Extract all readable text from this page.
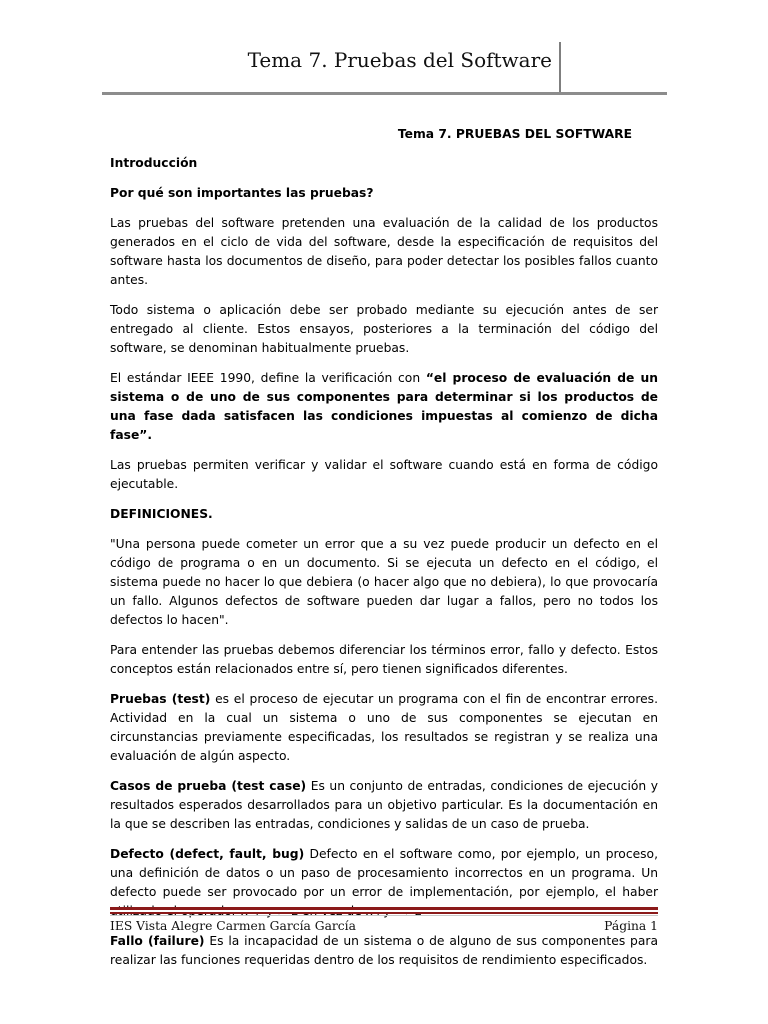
Tema 7. Pruebas del Software

Tema 7. PRUEBAS DEL SOFTWARE

Introducción

Por qué son importantes las pruebas?

Las pruebas del software pretenden una evaluación de la calidad de los productos generados en el ciclo de vida del software, desde la especificación de requisitos del software hasta los documentos de diseño, para poder detectar los posibles fallos cuanto antes.

Todo sistema o aplicación debe ser probado mediante su ejecución antes de ser entregado al cliente. Estos ensayos, posteriores a la terminación del código del software, se denominan habitualmente pruebas.

El estándar IEEE 1990, define la verificación con “el proceso de evaluación de un sistema o de uno de sus componentes para determinar si los productos de una fase dada satisfacen las condiciones impuestas al comienzo de dicha fase”.

Las pruebas permiten verificar y validar el software cuando está en forma de código ejecutable.

DEFINICIONES.

"Una persona puede cometer un error que a su vez puede producir un defecto en el código de programa o en un documento. Si se ejecuta un defecto en el código, el sistema puede no hacer lo que debiera (o hacer algo que no debiera), lo que provocaría un fallo. Algunos defectos de software pueden dar lugar a fallos, pero no todos los defectos lo hacen".

Para entender las pruebas debemos diferenciar los términos error, fallo y defecto. Estos conceptos están relacionados entre sí, pero tienen significados diferentes.

Pruebas (test) es el proceso de ejecutar un programa con el fin de encontrar errores. Actividad en la cual un sistema o uno de sus componentes se ejecutan en circunstancias previamente especificadas, los resultados se registran y se realiza una evaluación de algún aspecto.

Casos de prueba (test case) Es un conjunto de entradas, condiciones de ejecución y resultados esperados desarrollados para un objetivo particular. Es la documentación en la que se describen las entradas, condiciones y salidas de un caso de prueba.

Defecto (defect, fault, bug) Defecto en el software como, por ejemplo, un proceso, una definición de datos o un paso de procesamiento incorrectos en un programa. Un defecto puede ser provocado por un error de implementación, por ejemplo, el haber

Fallo (failure) Es la incapacidad de un sistema o de alguno de sus componentes para realizar las funciones requeridas dentro de los requisitos de rendimiento especificados.

IES Vista Alegre Carmen García García	Página 1
